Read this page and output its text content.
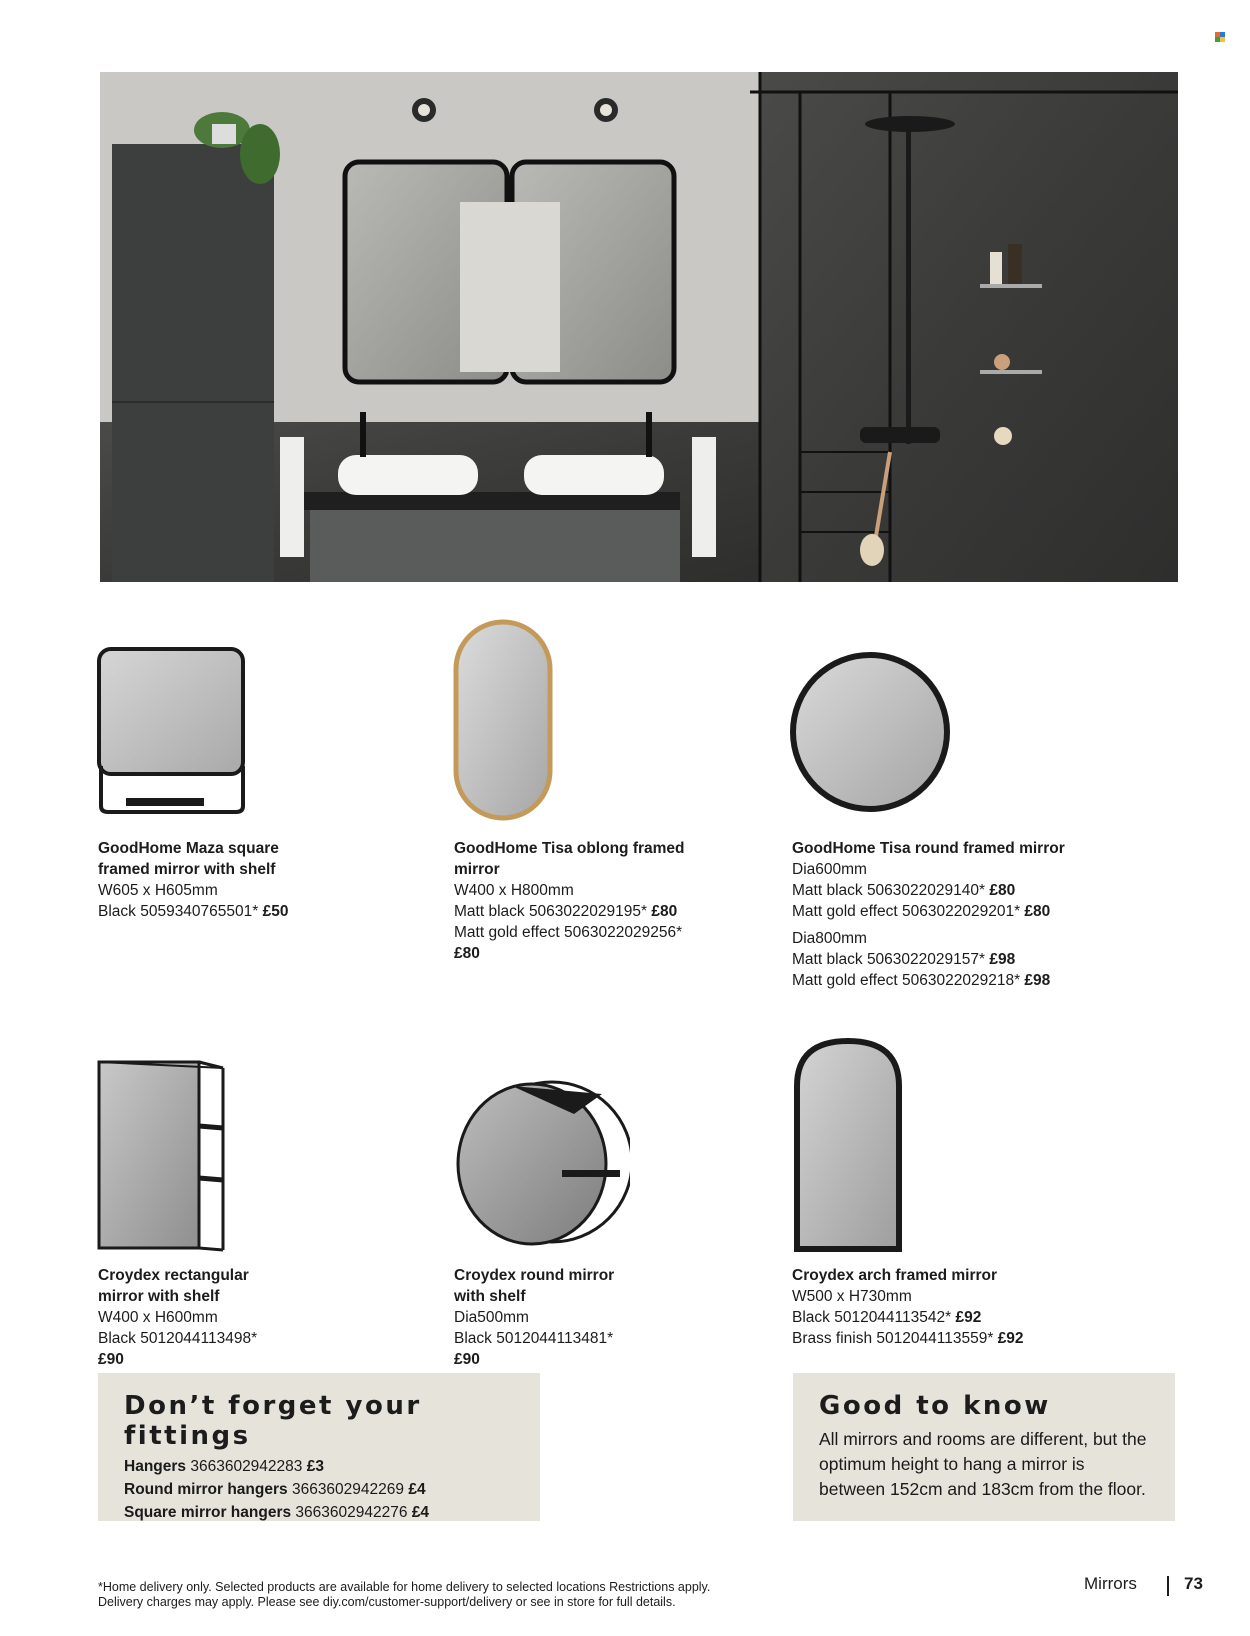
GoodHome Maza square framed mirror with shelf
W605 x H605mm
Black 5059340765501* £50
GoodHome Tisa oblong framed mirror
W400 x H800mm
Matt black 5063022029195* £80
Matt gold effect 5063022029256* £80
GoodHome Tisa round framed mirror
Dia600mm
Matt black 5063022029140* £80
Matt gold effect 5063022029201* £80
Dia800mm
Matt black 5063022029157* £98
Matt gold effect 5063022029218* £98
Croydex rectangular mirror with shelf
W400 x H600mm
Black 5012044113498* £90
Croydex round mirror with shelf
Dia500mm
Black 5012044113481* £90
Croydex arch framed mirror
W500 x H730mm
Black 5012044113542* £92
Brass finish 5012044113559* £92
Don’t forget your fittings
Hangers 3663602942283 £3
Round mirror hangers 3663602942269 £4
Square mirror hangers 3663602942276 £4
Good to know

All mirrors and rooms are different, but the optimum height to hang a mirror is between 152cm and 183cm from the floor.

*Home delivery only. Selected products are available for home delivery to selected locations Restrictions apply.
Delivery charges may apply. Please see diy.com/customer-support/delivery or see in store for full details.
Mirrors	73
